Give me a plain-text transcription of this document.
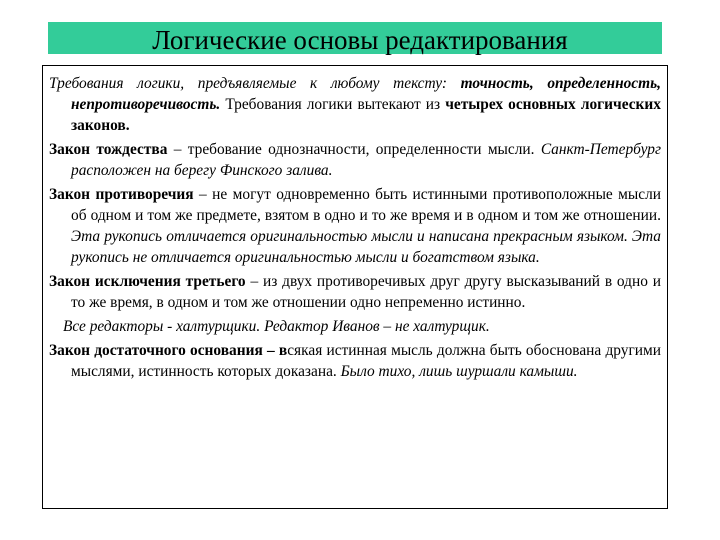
Логические основы редактирования

Требования логики, предъявляемые к любому тексту: точность, определенность, непротиворечивость. Требования логики вытекают из четырех основных логических законов.

Закон тождества – требование однозначности, определенности мысли. Санкт-Петербург расположен на берегу Финского залива.

Закон противоречия – не могут одновременно быть истинными противоположные мысли об одном и том же предмете, взятом в одно и то же время и в одном и том же отношении. Эта рукопись отличается оригинальностью мысли и написана прекрасным языком. Эта рукопись не отличается оригинальностью мысли и богатством языка.

Закон исключения третьего – из двух противоречивых друг другу высказываний в одно и то же время, в одном и том же отношении одно непременно истинно.

Все редакторы - халтурщики. Редактор Иванов – не халтурщик.

Закон достаточного основания – всякая истинная мысль должна быть обоснована другими мыслями, истинность которых доказана. Было тихо, лишь шуршали камыши.
